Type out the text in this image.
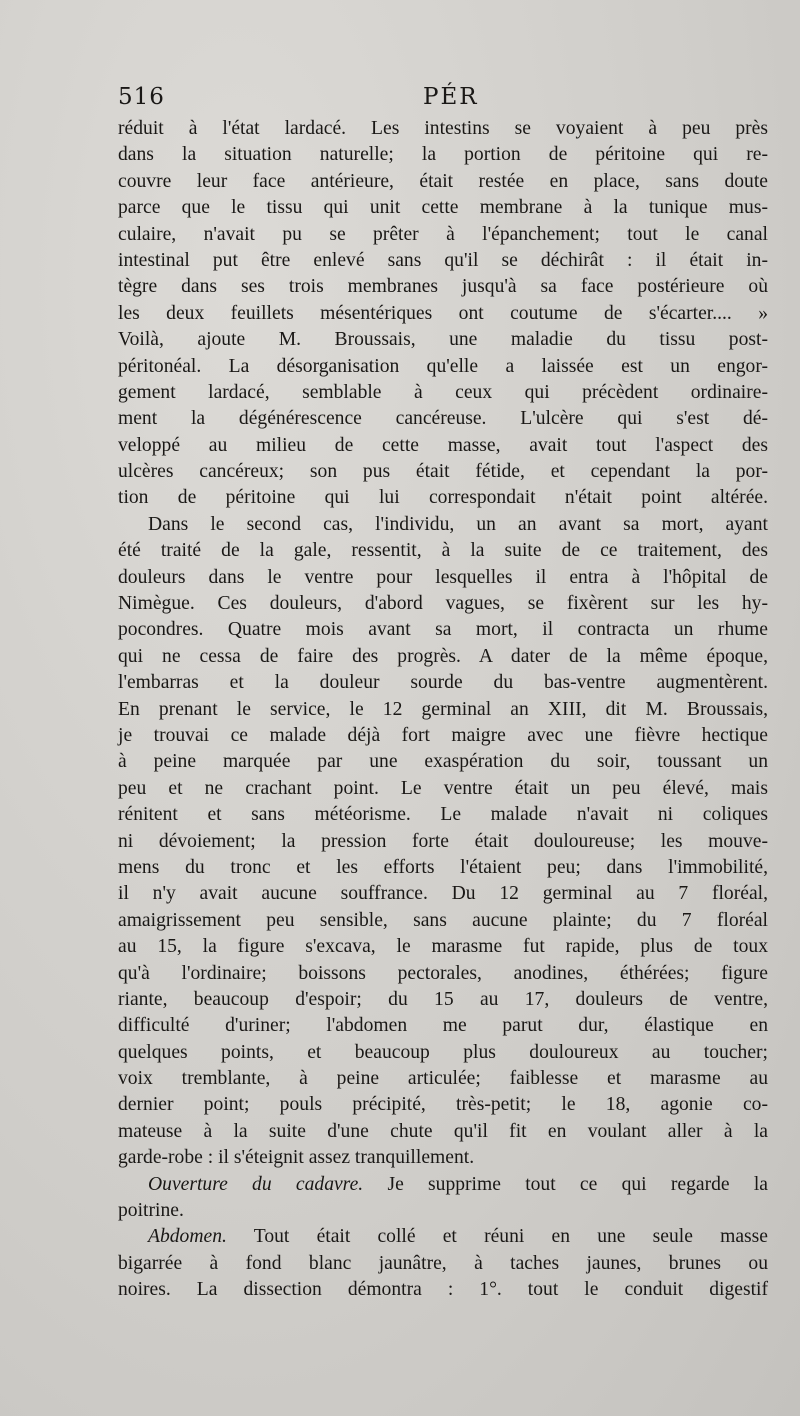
516	PÉR
réduit à l'état lardacé. Les intestins se voyaient à peu près
dans la situation naturelle; la portion de péritoine qui re-
couvre leur face antérieure, était restée en place, sans doute
parce que le tissu qui unit cette membrane à la tunique mus-
culaire, n'avait pu se prêter à l'épanchement; tout le canal
intestinal put être enlevé sans qu'il se déchirât : il était in-
tègre dans ses trois membranes jusqu'à sa face postérieure où
les deux feuillets mésentériques ont coutume de s'écarter.... »
Voilà, ajoute M. Broussais, une maladie du tissu post-
péritonéal. La désorganisation qu'elle a laissée est un engor-
gement lardacé, semblable à ceux qui précèdent ordinaire-
ment la dégénérescence cancéreuse. L'ulcère qui s'est dé-
veloppé au milieu de cette masse, avait tout l'aspect des
ulcères cancéreux; son pus était fétide, et cependant la por-
tion de péritoine qui lui correspondait n'était point altérée.
Dans le second cas, l'individu, un an avant sa mort, ayant
été traité de la gale, ressentit, à la suite de ce traitement, des
douleurs dans le ventre pour lesquelles il entra à l'hôpital de
Nimègue. Ces douleurs, d'abord vagues, se fixèrent sur les hy-
pocondres. Quatre mois avant sa mort, il contracta un rhume
qui ne cessa de faire des progrès. A dater de la même époque,
l'embarras et la douleur sourde du bas-ventre augmentèrent.
En prenant le service, le 12 germinal an XIII, dit M. Broussais,
je trouvai ce malade déjà fort maigre avec une fièvre hectique
à peine marquée par une exaspération du soir, toussant un
peu et ne crachant point. Le ventre était un peu élevé, mais
rénitent et sans météorisme. Le malade n'avait ni coliques
ni dévoiement; la pression forte était douloureuse; les mouve-
mens du tronc et les efforts l'étaient peu; dans l'immobilité,
il n'y avait aucune souffrance. Du 12 germinal au 7 floréal,
amaigrissement peu sensible, sans aucune plainte; du 7 floréal
au 15, la figure s'excava, le marasme fut rapide, plus de toux
qu'à l'ordinaire; boissons pectorales, anodines, éthérées; figure
riante, beaucoup d'espoir; du 15 au 17, douleurs de ventre,
difficulté d'uriner; l'abdomen me parut dur, élastique en
quelques points, et beaucoup plus douloureux au toucher;
voix tremblante, à peine articulée; faiblesse et marasme au
dernier point; pouls précipité, très-petit; le 18, agonie co-
mateuse à la suite d'une chute qu'il fit en voulant aller à la
garde-robe : il s'éteignit assez tranquillement.
Ouverture du cadavre. Je supprime tout ce qui regarde la
poitrine.
Abdomen. Tout était collé et réuni en une seule masse
bigarrée à fond blanc jaunâtre, à taches jaunes, brunes ou
noires. La dissection démontra : 1°. tout le conduit digestif
